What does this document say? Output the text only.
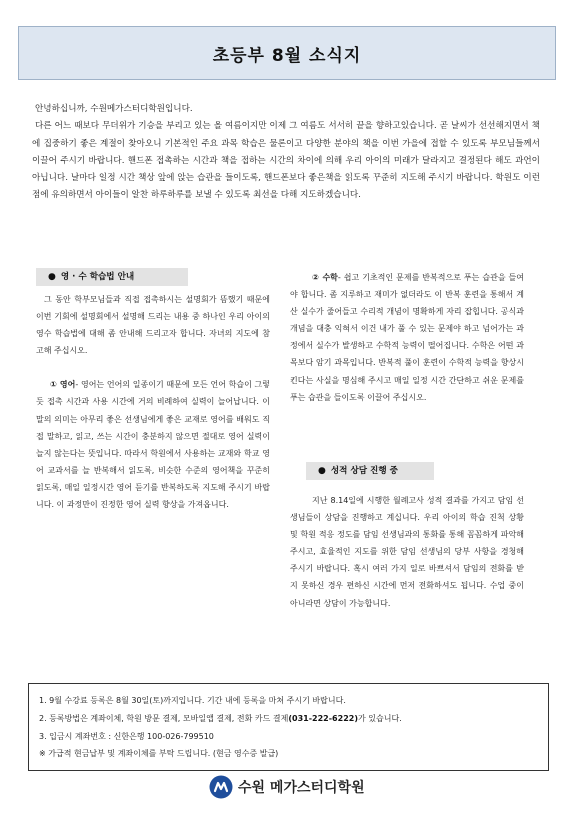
초등부 8월 소식지

안녕하십니까, 수원메가스터디학원입니다.

다른 어느 때보다 무더위가 기승을 부리고 있는 올 여름이지만 이제 그 여름도 서서히 끝을 향하고있습니다. 곧 날씨가 선선해지면서 책에 집중하기 좋은 계절이 찾아오니 기본적인 주요 과목 학습은 물론이고 다양한 분야의 책을 이번 가을에 접할 수 있도록 부모님들께서 이끌어 주시기 바랍니다. 핸드폰 접촉하는 시간과 책을 접하는 시간의 차이에 의해 우리 아이의 미래가 달라지고 결정된다 해도 과언이 아닙니다. 날마다 일정 시간 책상 앞에 앉는 습관을 들이도록, 핸드폰보다 좋은책을 읽도록 꾸준히 지도해 주시기 바랍니다. 학원도 이런 점에 유의하면서 아이들이 알찬 하루하루를 보낼 수 있도록 최선을 다해 지도하겠습니다.

● 영 · 수 학습법 안내

그 동안 학부모님들과 직접 접촉하시는 설명회가 뜸했기 때문에 이번 기회에 설명회에서 설명해 드리는 내용 중 하나인 우리 아이의 영수 학습법에 대해 좀 안내해 드리고자 합니다. 자녀의 지도에 참고해 주십시오.

① 영어- 영어는 언어의 일종이기 때문에 모든 언어 학습이 그렇듯 접촉 시간과 사용 시간에 거의 비례하여 실력이 늘어납니다. 이 말의 의미는 아무리 좋은 선생님에게 좋은 교재로 영어를 배워도 직접 말하고, 읽고, 쓰는 시간이 충분하지 않으면 절대로 영어 실력이 늘지 않는다는 뜻입니다. 따라서 학원에서 사용하는 교재와 학교 영어 교과서를 늘 반복해서 읽도록, 비슷한 수준의 영어책을 꾸준히 읽도록, 매일 일정시간 영어 듣기를 반복하도록 지도해 주시기 바랍니다. 이 과정만이 진정한 영어 실력 향상을 가져옵니다.

② 수학- 쉽고 기초적인 문제를 반복적으로 푸는 습관을 들여야 합니다. 좀 지루하고 재미가 없더라도 이 반복 훈련을 통해서 계산 실수가 줄어들고 수리적 개념이 명확하게 자리 잡힙니다. 공식과 개념을 대충 익혀서 이건 내가 풀 수 있는 문제야 하고 넘어가는 과정에서 실수가 발생하고 수학적 능력이 떨어집니다. 수학은 어떤 과목보다 암기 과목입니다. 반복적 풀이 훈련이 수학적 능력을 향상시킨다는 사실을 명심해 주시고 매일 일정 시간 간단하고 쉬운 문제를 푸는 습관을 들이도록 이끌어 주십시오.

● 성적 상담 진행 중

지난 8.14일에 시행한 월례고사 성적 결과를 가지고 담임 선생님들이 상담을 진행하고 계십니다. 우리 아이의 학습 진척 상황 및 학원 적응 정도를 담임 선생님과의 통화를 통해 꼼꼼하게 파악해 주시고, 효율적인 지도를 위한 담임 선생님의 당부 사항을 경청해 주시기 바랍니다. 혹시 여러 가지 일로 바쁘셔서 담임의 전화를 받지 못하신 경우 편하신 시간에 먼저 전화하셔도 됩니다. 수업 중이 아니라면 상담이 가능합니다.

1. 9월 수강료 등록은 8월 30일(토)까지입니다. 기간 내에 등록을 마쳐 주시기 바랍니다.
2. 등록방법은 계좌이체, 학원 방문 결제, 모바일앱 결제, 전화 카드 결제(031-222-6222)가 있습니다.
3. 입금시 계좌번호 : 신한은행 100-026-799510
※ 가급적 현금납부 및 계좌이체를 부탁 드립니다. (현금 영수증 발급)
수원 메가스터디학원
